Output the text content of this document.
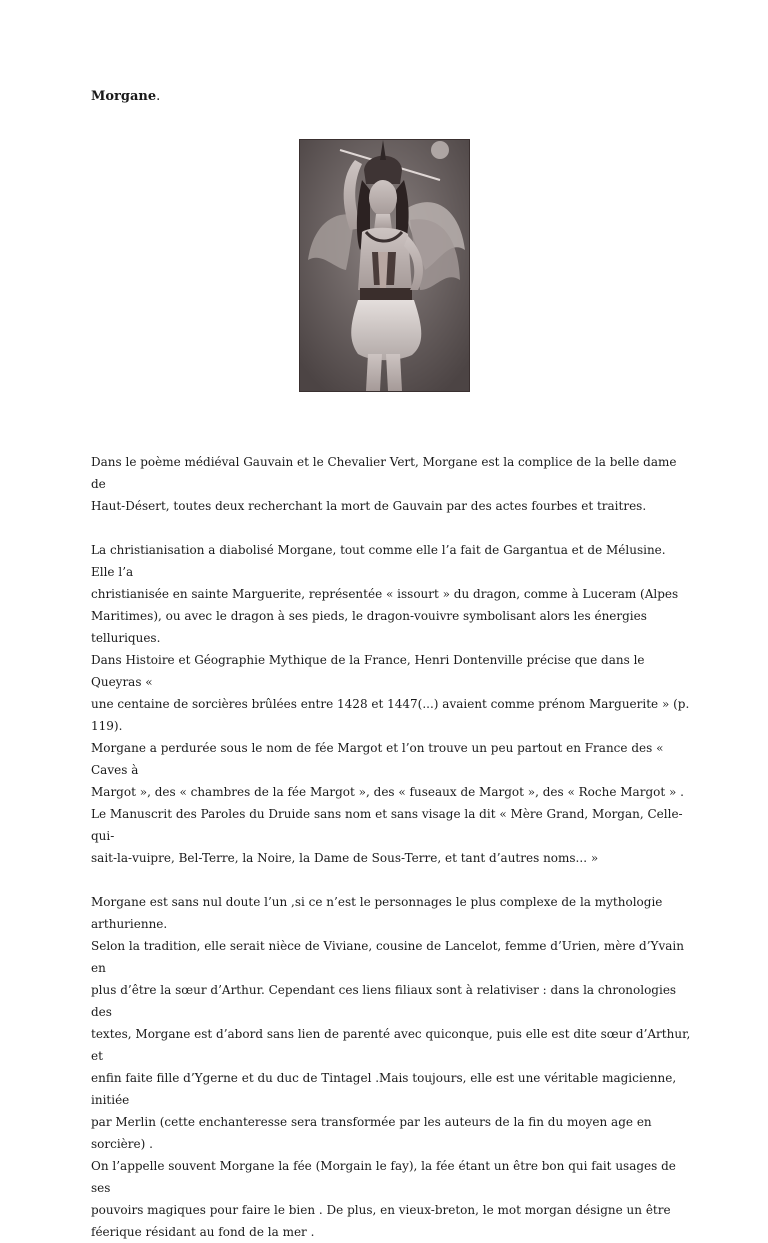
Morgane.

Dans le poème médiéval Gauvain et le Chevalier Vert, Morgane est la complice de la belle dame de
Haut-Désert, toutes deux recherchant la mort de Gauvain par des actes fourbes et traitres.

La christianisation a diabolisé Morgane, tout comme elle l’a fait de Gargantua et de Mélusine. Elle l’a
christianisée en sainte Marguerite, représentée « issourt » du dragon, comme à Luceram (Alpes
Maritimes), ou avec le dragon à ses pieds, le dragon-vouivre symbolisant alors les énergies telluriques.
Dans Histoire et Géographie Mythique de la France, Henri Dontenville précise que dans le Queyras «
une centaine de sorcières brûlées entre 1428 et 1447(...) avaient comme prénom Marguerite » (p. 119).
Morgane a perdurée sous le nom de fée Margot et l’on trouve un peu partout en France des « Caves à
Margot », des « chambres de la fée Margot », des « fuseaux de Margot », des « Roche Margot » .
Le Manuscrit des Paroles du Druide sans nom et sans visage la dit « Mère Grand, Morgan, Celle-qui-
sait-la-vuipre, Bel-Terre, la Noire, la Dame de Sous-Terre, et tant d’autres noms... »

Morgane est sans nul doute l’un ,si ce n’est le personnages le plus complexe de la mythologie
arthurienne.
Selon la tradition, elle serait nièce de Viviane, cousine de Lancelot, femme d’Urien, mère d’Yvain en
plus d’être la sœur d’Arthur. Cependant ces liens filiaux sont à relativiser : dans la chronologies des
textes, Morgane est d’abord sans lien de parenté avec quiconque, puis elle est dite sœur d’Arthur, et
enfin faite fille d’Ygerne et du duc de Tintagel .Mais toujours, elle est une véritable magicienne, initiée
par Merlin (cette enchanteresse sera transformée par les auteurs de la fin du moyen age en sorcière) .
On l’appelle souvent Morgane la fée (Morgain le fay), la fée étant un être bon qui fait usages de ses
pouvoirs magiques pour faire le bien . De plus, en vieux-breton, le mot morgan désigne un être
féerique résidant au fond de la mer .
